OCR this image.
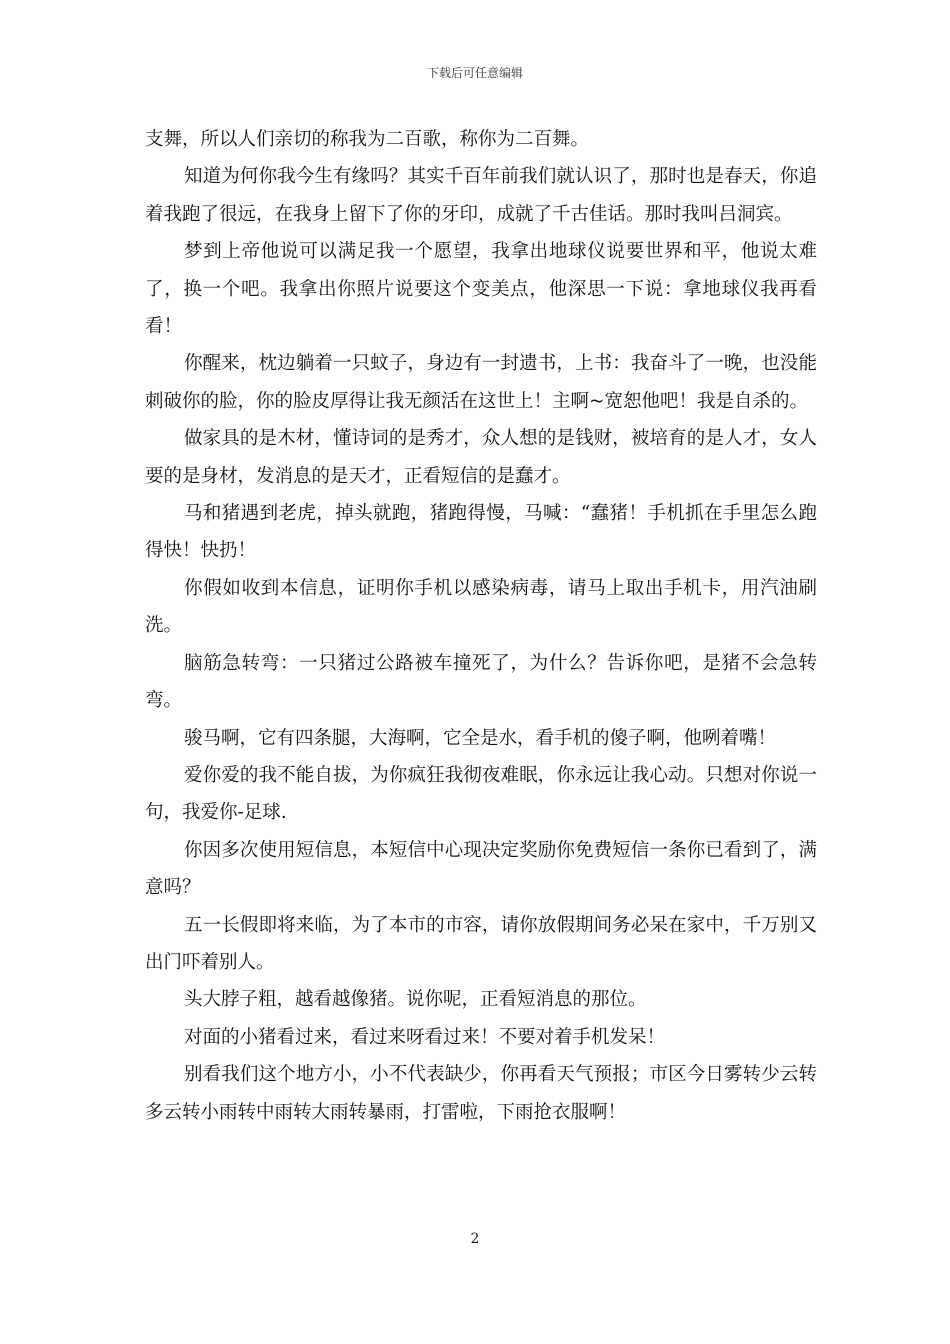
下载后可任意编辑

支舞，所以人们亲切的称我为二百歌，称你为二百舞。

知道为何你我今生有缘吗？其实千百年前我们就认识了，那时也是春天，你追着我跑了很远，在我身上留下了你的牙印，成就了千古佳话。那时我叫吕洞宾。

梦到上帝他说可以满足我一个愿望，我拿出地球仪说要世界和平，他说太难了，换一个吧。我拿出你照片说要这个变美点，他深思一下说：拿地球仪我再看看！

你醒来，枕边躺着一只蚊子，身边有一封遗书，上书：我奋斗了一晚，也没能刺破你的脸，你的脸皮厚得让我无颜活在这世上！主啊~宽恕他吧！我是自杀的。

做家具的是木材，懂诗词的是秀才，众人想的是钱财，被培育的是人才，女人要的是身材，发消息的是天才，正看短信的是蠢才。

马和猪遇到老虎，掉头就跑，猪跑得慢，马喊：“蠢猪！手机抓在手里怎么跑得快！快扔！

你假如收到本信息，证明你手机以感染病毒，请马上取出手机卡，用汽油刷洗。

脑筋急转弯：一只猪过公路被车撞死了，为什么？告诉你吧，是猪不会急转弯。

骏马啊，它有四条腿，大海啊，它全是水，看手机的傻子啊，他咧着嘴！

爱你爱的我不能自拔，为你疯狂我彻夜难眠，你永远让我心动。只想对你说一句，我爱你-足球.

你因多次使用短信息，本短信中心现决定奖励你免费短信一条你已看到了，满意吗？

五一长假即将来临，为了本市的市容，请你放假期间务必呆在家中，千万别又出门吓着别人。

头大脖子粗，越看越像猪。说你呢，正看短消息的那位。

对面的小猪看过来，看过来呀看过来！不要对着手机发呆！

别看我们这个地方小，小不代表缺少，你再看天气预报；市区今日雾转少云转多云转小雨转中雨转大雨转暴雨，打雷啦，下雨抢衣服啊！

2
